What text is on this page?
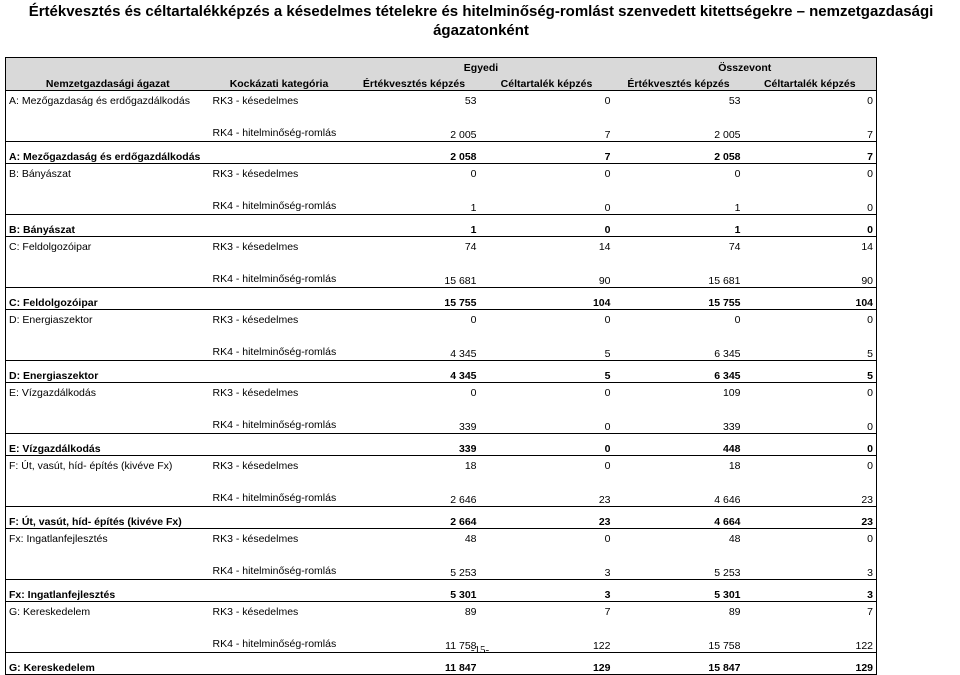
Értékvesztés és céltartalékképzés a késedelmes tételekre és hitelminőség-romlást szenvedett kitettségekre – nemzetgazdasági ágazatonként
		Egyedi		Összevont	
Nemzetgazdasági ágazat	Kockázati kategória	Értékvesztés képzés	Céltartalék képzés	Értékvesztés képzés	Céltartalék képzés
A: Mezőgazdaság és erdőgazdálkodás	RK3 - késedelmes	53	0	53	0
	RK4 - hitelminőség-romlás	2 005	7	2 005	7
A: Mezőgazdaság és erdőgazdálkodás		2 058	7	2 058	7
B: Bányászat	RK3 - késedelmes	0	0	0	0
	RK4 - hitelminőség-romlás	1	0	1	0
B: Bányászat		1	0	1	0
C: Feldolgozóipar	RK3 - késedelmes	74	14	74	14
	RK4 - hitelminőség-romlás	15 681	90	15 681	90
C: Feldolgozóipar		15 755	104	15 755	104
D: Energiaszektor	RK3 - késedelmes	0	0	0	0
	RK4 - hitelminőség-romlás	4 345	5	6 345	5
D: Energiaszektor		4 345	5	6 345	5
E: Vízgazdálkodás	RK3 - késedelmes	0	0	109	0
	RK4 - hitelminőség-romlás	339	0	339	0
E: Vízgazdálkodás		339	0	448	0
F: Út, vasút, híd- építés (kivéve Fx)	RK3 - késedelmes	18	0	18	0
	RK4 - hitelminőség-romlás	2 646	23	4 646	23
F: Út, vasút, híd- építés (kivéve Fx)		2 664	23	4 664	23
Fx: Ingatlanfejlesztés	RK3 - késedelmes	48	0	48	0
	RK4 - hitelminőség-romlás	5 253	3	5 253	3
Fx: Ingatlanfejlesztés		5 301	3	5 301	3
G: Kereskedelem	RK3 - késedelmes	89	7	89	7
	RK4 - hitelminőség-romlás	11 758	122	15 758	122
G: Kereskedelem		11 847	129	15 847	129
-15-
